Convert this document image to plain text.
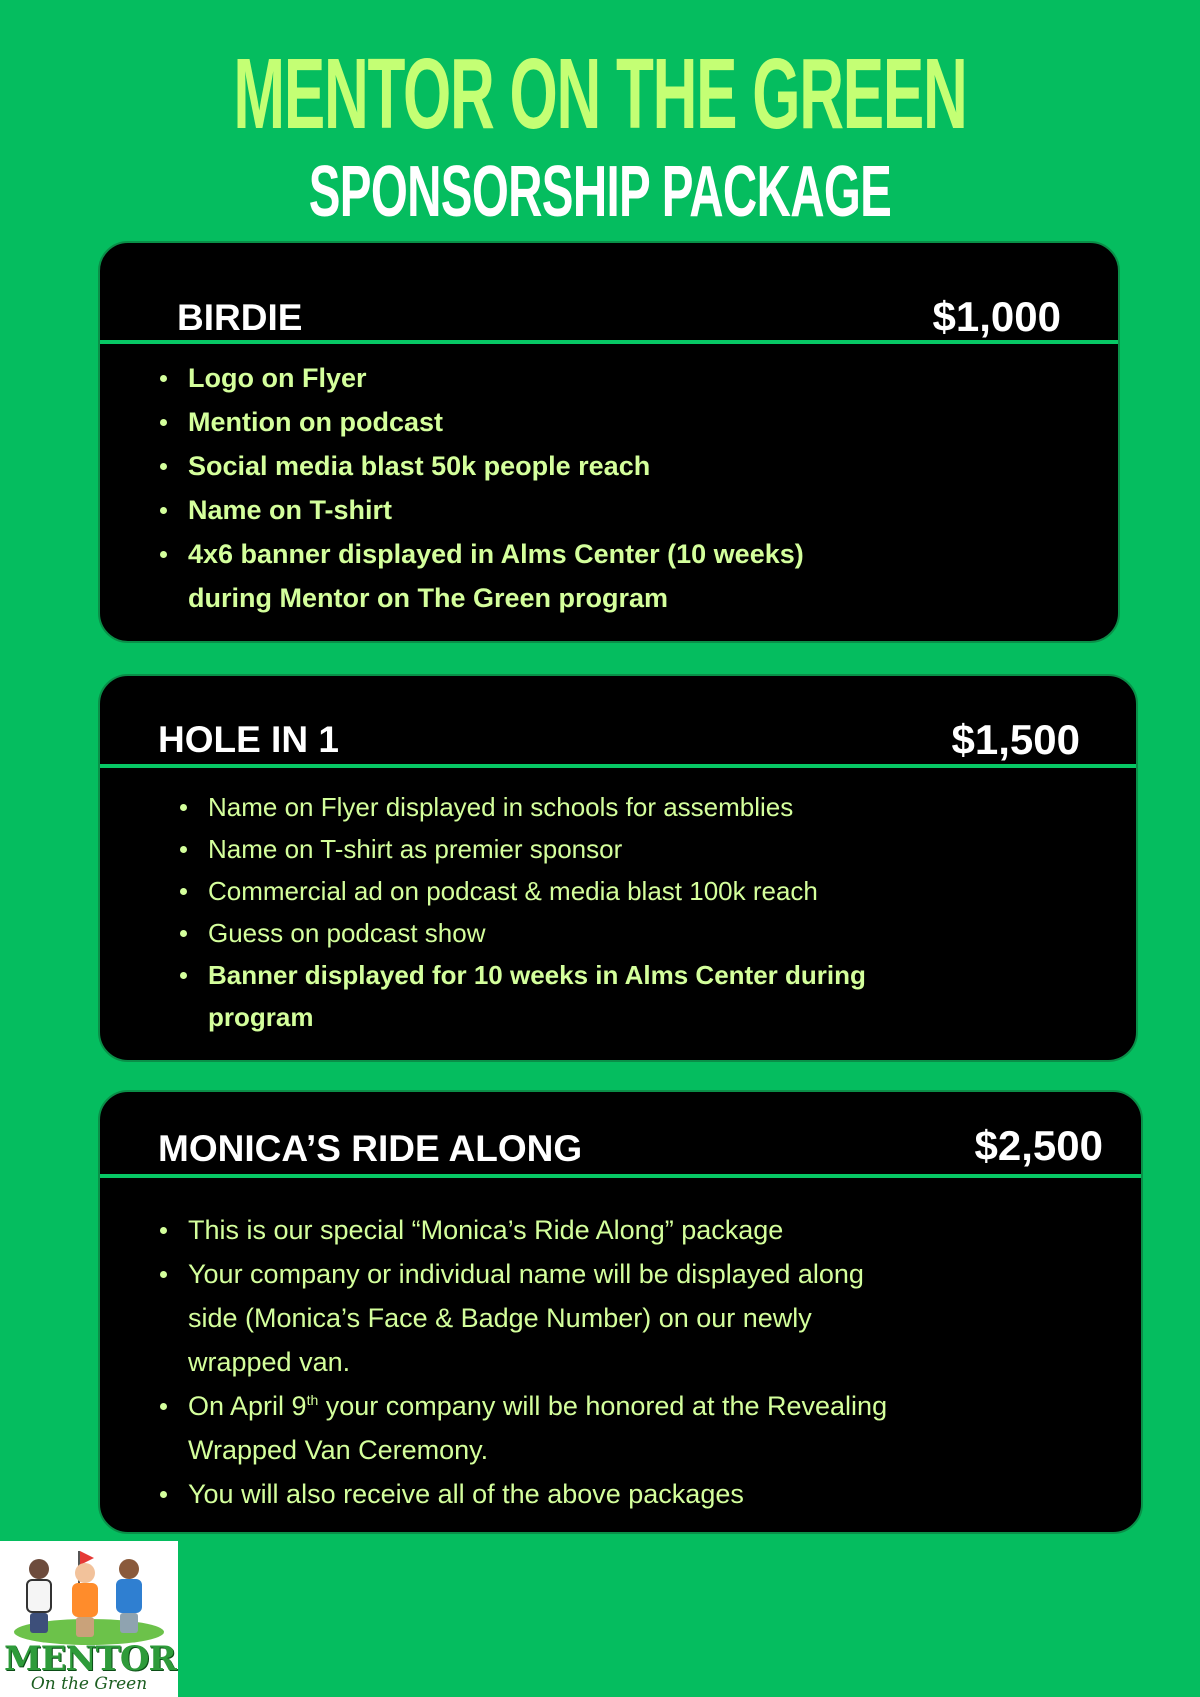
MENTOR ON THE GREEN
SPONSORSHIP PACKAGE
BIRDIE	$1,000
Logo on Flyer
Mention on podcast
Social media blast 50k people reach
Name on T-shirt
4x6 banner displayed in Alms Center (10 weeks)
during Mentor on The Green program
HOLE IN 1	$1,500
Name on Flyer displayed in schools for assemblies
Name on T-shirt as premier sponsor
Commercial ad on podcast & media blast 100k reach
Guess on podcast show
Banner displayed for 10 weeks in Alms Center during
program
MONICA’S RIDE ALONG	$2,500
This is our special “Monica’s Ride Along” package
Your company or individual name will be displayed along
side (Monica’s Face & Badge Number) on our newly
wrapped van.
On April 9th your company will be honored at the Revealing
Wrapped Van Ceremony.
You will also receive all of the above packages
MENTOR
On the Green
